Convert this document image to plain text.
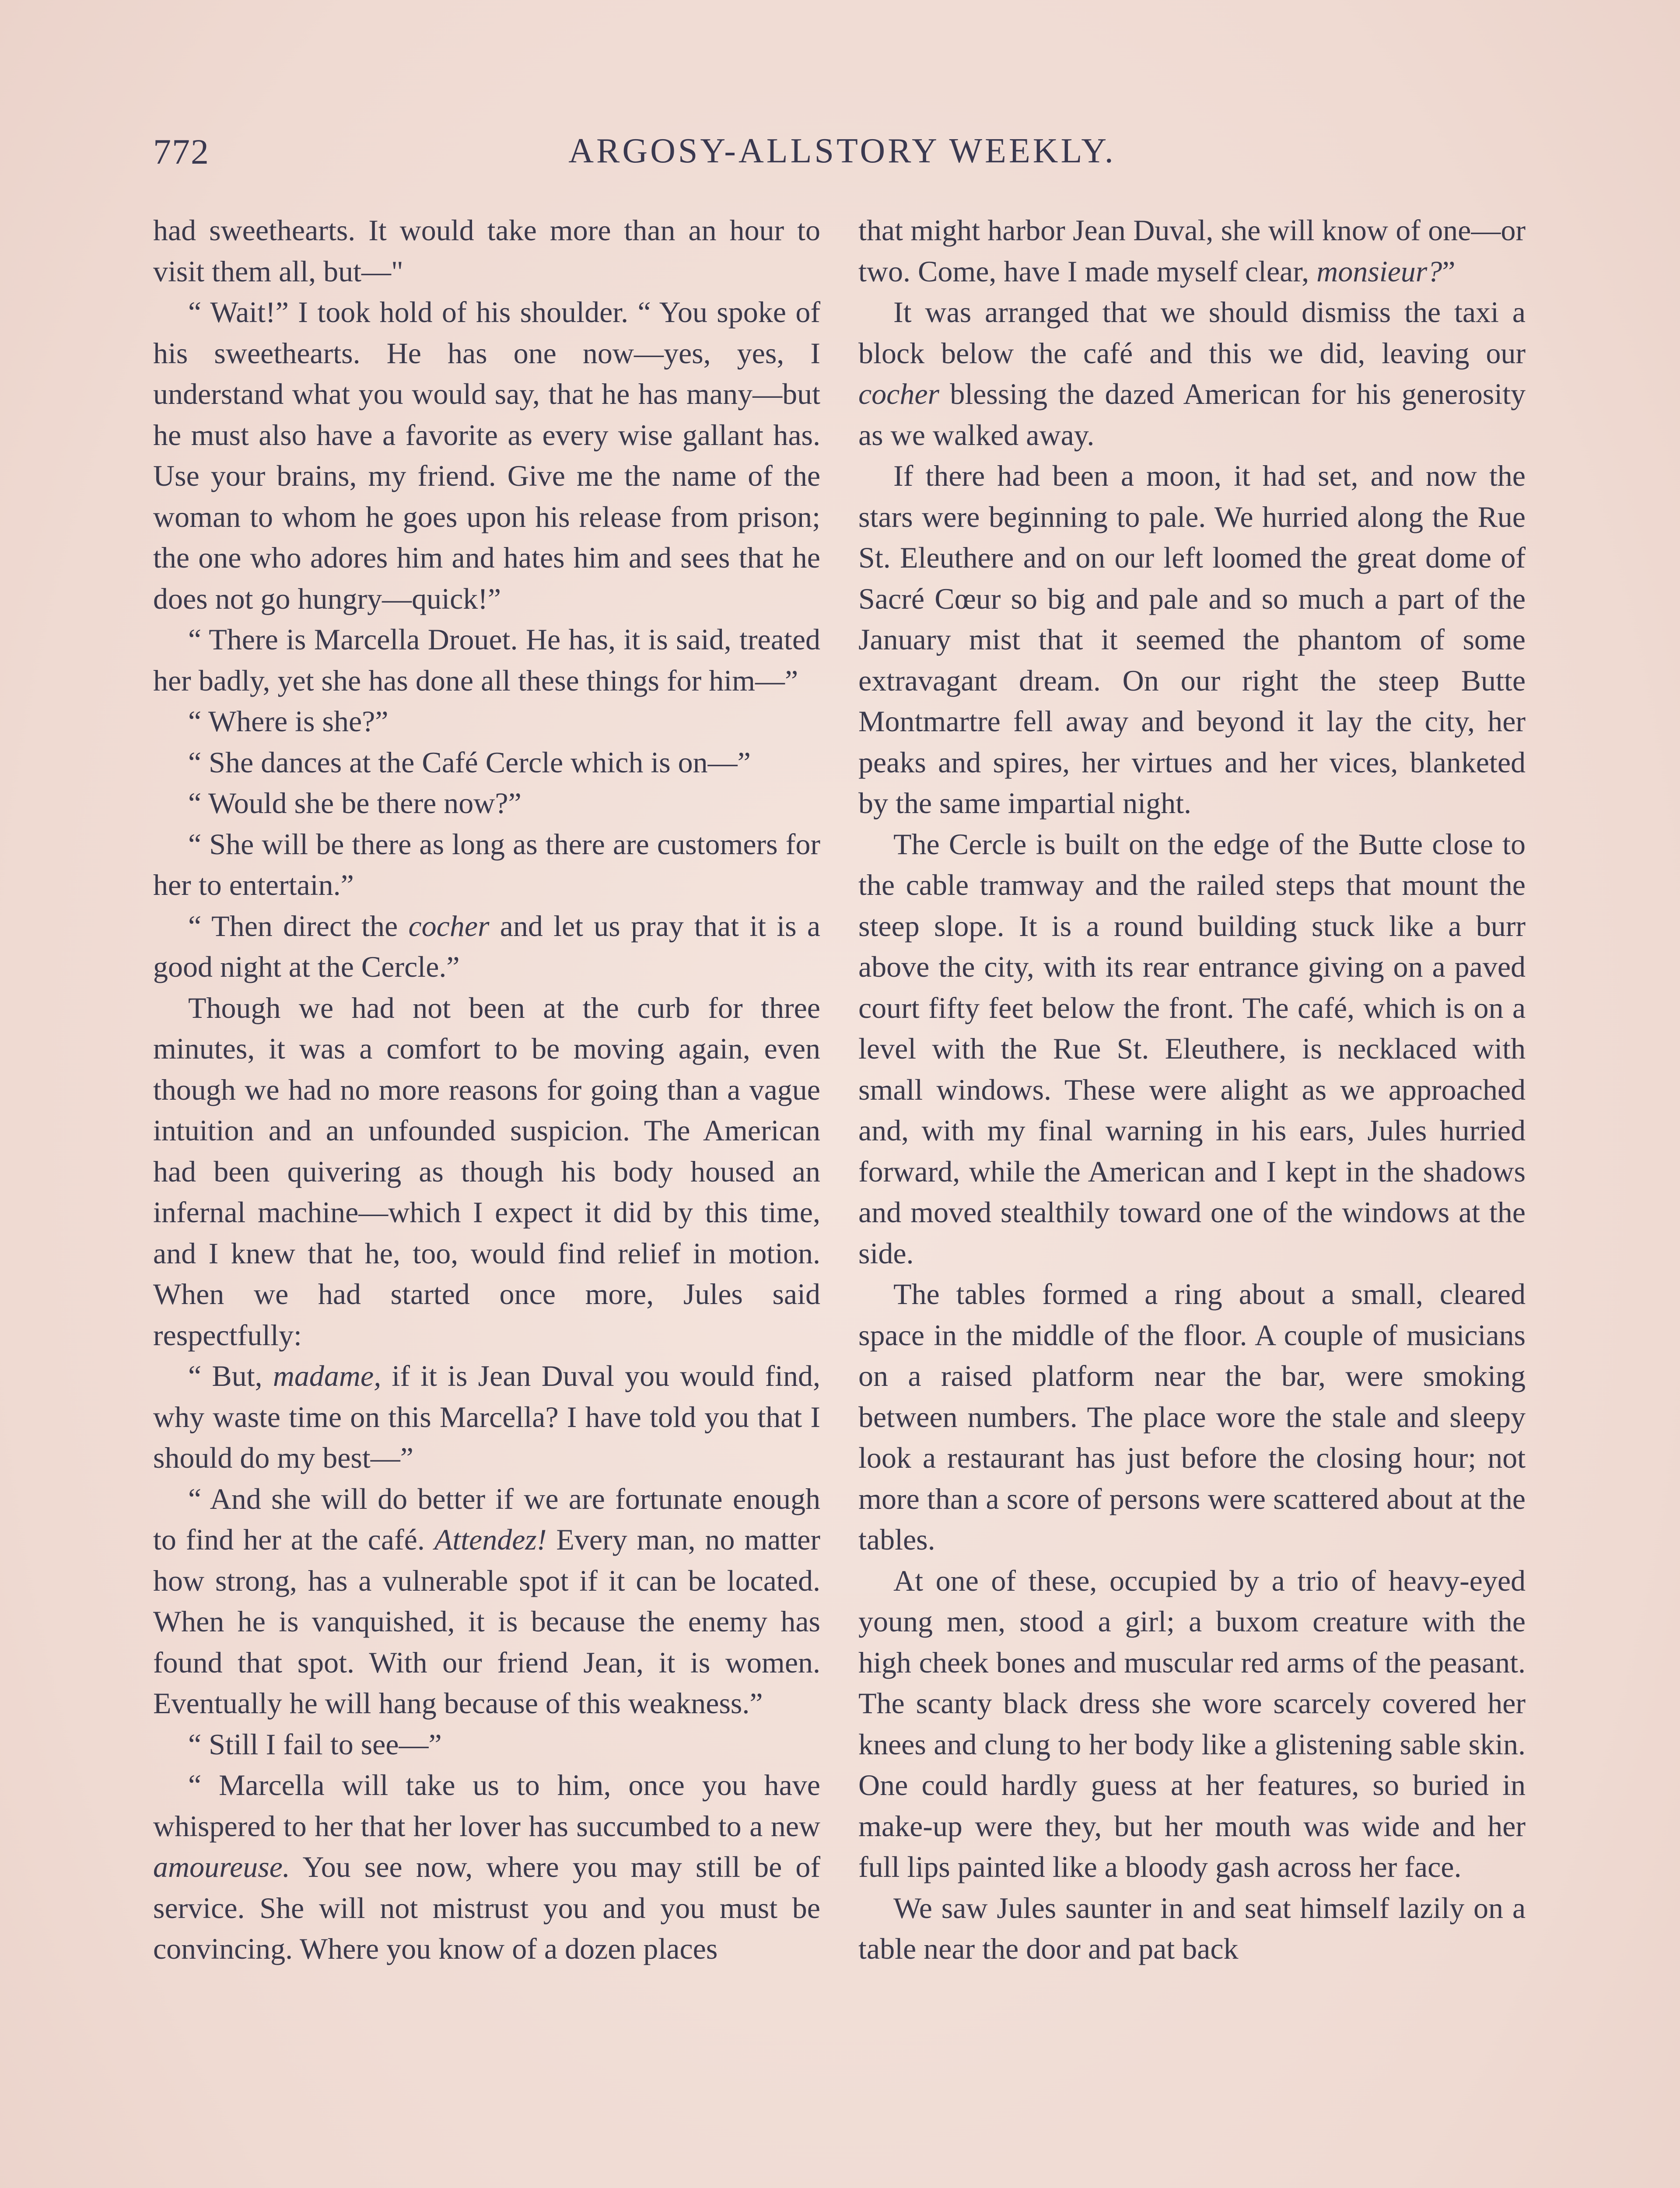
772	ARGOSY-ALLSTORY WEEKLY.

had sweethearts. It would take more than an hour to visit them all, but—"

“ Wait!” I took hold of his shoulder. “ You spoke of his sweethearts. He has one now—yes, yes, I understand what you would say, that he has many—but he must also have a favorite as every wise gallant has. Use your brains, my friend. Give me the name of the woman to whom he goes upon his release from prison; the one who adores him and hates him and sees that he does not go hungry—quick!”

“ There is Marcella Drouet. He has, it is said, treated her badly, yet she has done all these things for him—”

“ Where is she?”

“ She dances at the Café Cercle which is on—”

“ Would she be there now?”

“ She will be there as long as there are customers for her to entertain.”

“ Then direct the cocher and let us pray that it is a good night at the Cercle.”

Though we had not been at the curb for three minutes, it was a comfort to be moving again, even though we had no more reasons for going than a vague intuition and an unfounded suspicion. The American had been quivering as though his body housed an infernal machine—which I expect it did by this time, and I knew that he, too, would find relief in motion. When we had started once more, Jules said respectfully:

“ But, madame, if it is Jean Duval you would find, why waste time on this Marcella? I have told you that I should do my best—”

“ And she will do better if we are fortunate enough to find her at the café. Attendez! Every man, no matter how strong, has a vulnerable spot if it can be located. When he is vanquished, it is because the enemy has found that spot. With our friend Jean, it is women. Eventually he will hang because of this weakness.”

“ Still I fail to see—”

“ Marcella will take us to him, once you have whispered to her that her lover has succumbed to a new amoureuse. You see now, where you may still be of service. She will not mistrust you and you must be convincing. Where you know of a dozen places

that might harbor Jean Duval, she will know of one—or two. Come, have I made myself clear, monsieur?”

It was arranged that we should dismiss the taxi a block below the café and this we did, leaving our cocher blessing the dazed American for his generosity as we walked away.

If there had been a moon, it had set, and now the stars were beginning to pale. We hurried along the Rue St. Eleuthere and on our left loomed the great dome of Sacré Cœur so big and pale and so much a part of the January mist that it seemed the phantom of some extravagant dream. On our right the steep Butte Montmartre fell away and beyond it lay the city, her peaks and spires, her virtues and her vices, blanketed by the same impartial night.

The Cercle is built on the edge of the Butte close to the cable tramway and the railed steps that mount the steep slope. It is a round building stuck like a burr above the city, with its rear entrance giving on a paved court fifty feet below the front. The café, which is on a level with the Rue St. Eleuthere, is necklaced with small windows. These were alight as we approached and, with my final warning in his ears, Jules hurried forward, while the American and I kept in the shadows and moved stealthily toward one of the windows at the side.

The tables formed a ring about a small, cleared space in the middle of the floor. A couple of musicians on a raised platform near the bar, were smoking between numbers. The place wore the stale and sleepy look a restaurant has just before the closing hour; not more than a score of persons were scattered about at the tables.

At one of these, occupied by a trio of heavy-eyed young men, stood a girl; a buxom creature with the high cheek bones and muscular red arms of the peasant. The scanty black dress she wore scarcely covered her knees and clung to her body like a glistening sable skin. One could hardly guess at her features, so buried in make-up were they, but her mouth was wide and her full lips painted like a bloody gash across her face.

We saw Jules saunter in and seat himself lazily on a table near the door and pat back
